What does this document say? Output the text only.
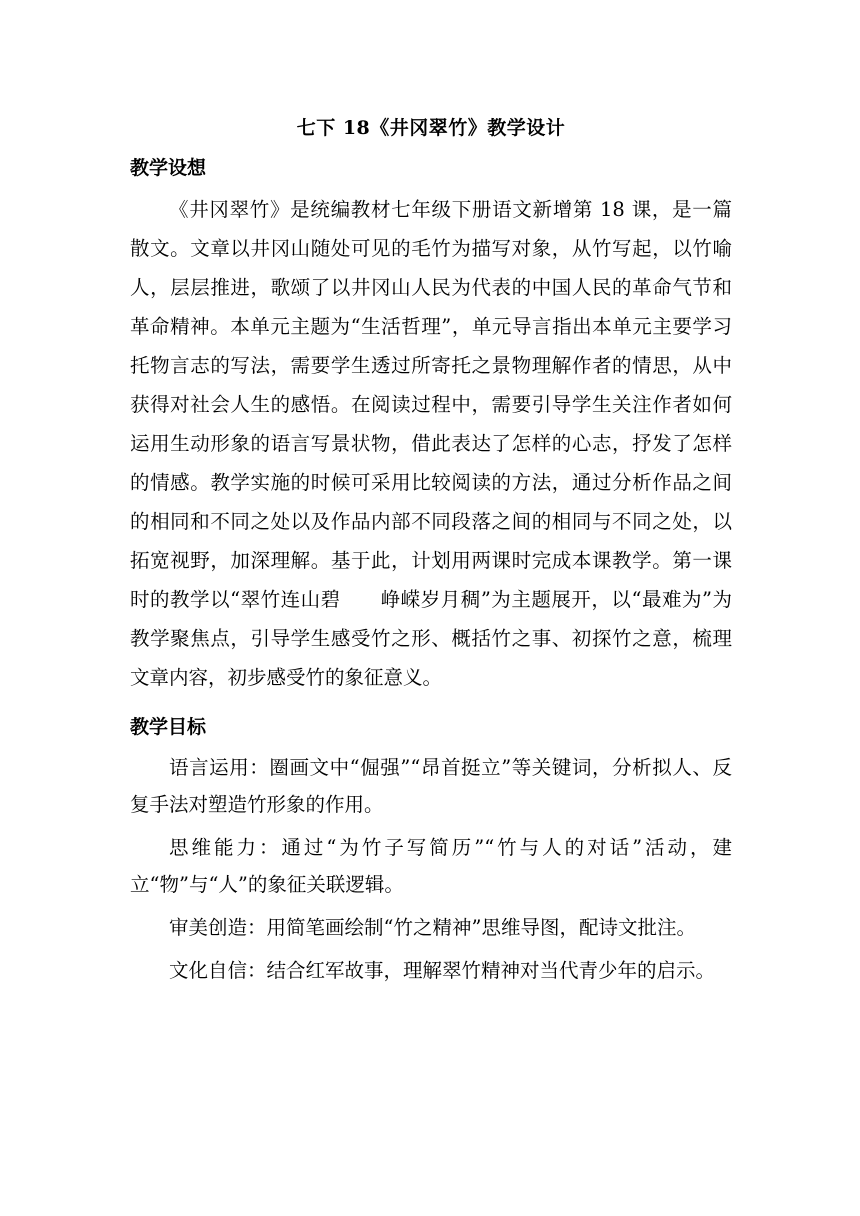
七下 18《井冈翠竹》教学设计
教学设想

《井冈翠竹》是统编教材七年级下册语文新增第 18 课，是一篇散文。文章以井冈山随处可见的毛竹为描写对象，从竹写起，以竹喻人，层层推进，歌颂了以井冈山人民为代表的中国人民的革命气节和革命精神。本单元主题为“生活哲理”，单元导言指出本单元主要学习托物言志的写法，需要学生透过所寄托之景物理解作者的情思，从中获得对社会人生的感悟。在阅读过程中，需要引导学生关注作者如何运用生动形象的语言写景状物，借此表达了怎样的心志，抒发了怎样的情感。教学实施的时候可采用比较阅读的方法，通过分析作品之间的相同和不同之处以及作品内部不同段落之间的相同与不同之处，以拓宽视野，加深理解。基于此，计划用两课时完成本课教学。第一课时的教学以“翠竹连山碧　　峥嵘岁月稠”为主题展开，以“最难为”为教学聚焦点，引导学生感受竹之形、概括竹之事、初探竹之意，梳理文章内容，初步感受竹的象征意义。

教学目标

语言运用：圈画文中“倔强”“昂首挺立”等关键词，分析拟人、反复手法对塑造竹形象的作用。

思维能力：通过“为竹子写简历”“竹与人的对话”活动，建立“物”与“人”的象征关联逻辑。

审美创造：用简笔画绘制“竹之精神”思维导图，配诗文批注。

文化自信：结合红军故事，理解翠竹精神对当代青少年的启示。
